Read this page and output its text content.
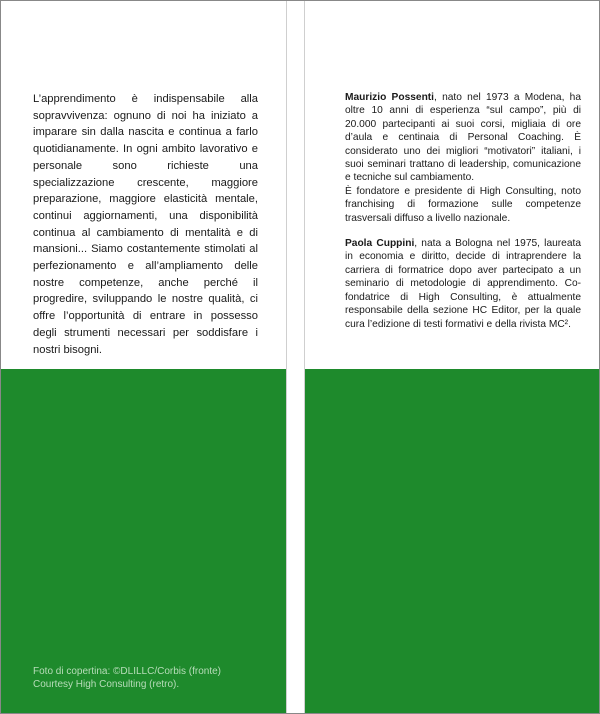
L’apprendimento è indispensabile alla sopravvivenza: ognuno di noi ha iniziato a imparare sin dalla nascita e continua a farlo quotidianamente. In ogni ambito lavorativo e personale sono richieste una specializzazione crescente, maggiore preparazione, maggiore elasticità mentale, continui aggiornamenti, una disponibilità continua al cambiamento di mentalità e di mansioni... Siamo costantemente stimolati al perfezionamento e all’ampliamento delle nostre competenze, anche perché il progredire, sviluppando le nostre qualità, ci offre l’opportunità di entrare in possesso degli strumenti necessari per soddisfare i nostri bisogni.

Foto di copertina: ©DLILLC/Corbis (fronte)
Courtesy High Consulting (retro).

Maurizio Possenti, nato nel 1973 a Modena, ha oltre 10 anni di esperienza “sul campo”, più di 20.000 partecipanti ai suoi corsi, migliaia di ore d’aula e centinaia di Personal Coaching. È considerato uno dei migliori “motivatori” italiani, i suoi seminari trattano di leadership, comunicazione e tecniche sul cambiamento.

È fondatore e presidente di High Consulting, noto franchising di formazione sulle competenze trasversali diffuso a livello nazionale.

Paola Cuppini, nata a Bologna nel 1975, laureata in economia e diritto, decide di intraprendere la carriera di formatrice dopo aver partecipato a un seminario di metodologie di apprendimento. Co-fondatrice di High Consulting, è attualmente responsabile della sezione HC Editor, per la quale cura l’edizione di testi formativi e della rivista MC².
